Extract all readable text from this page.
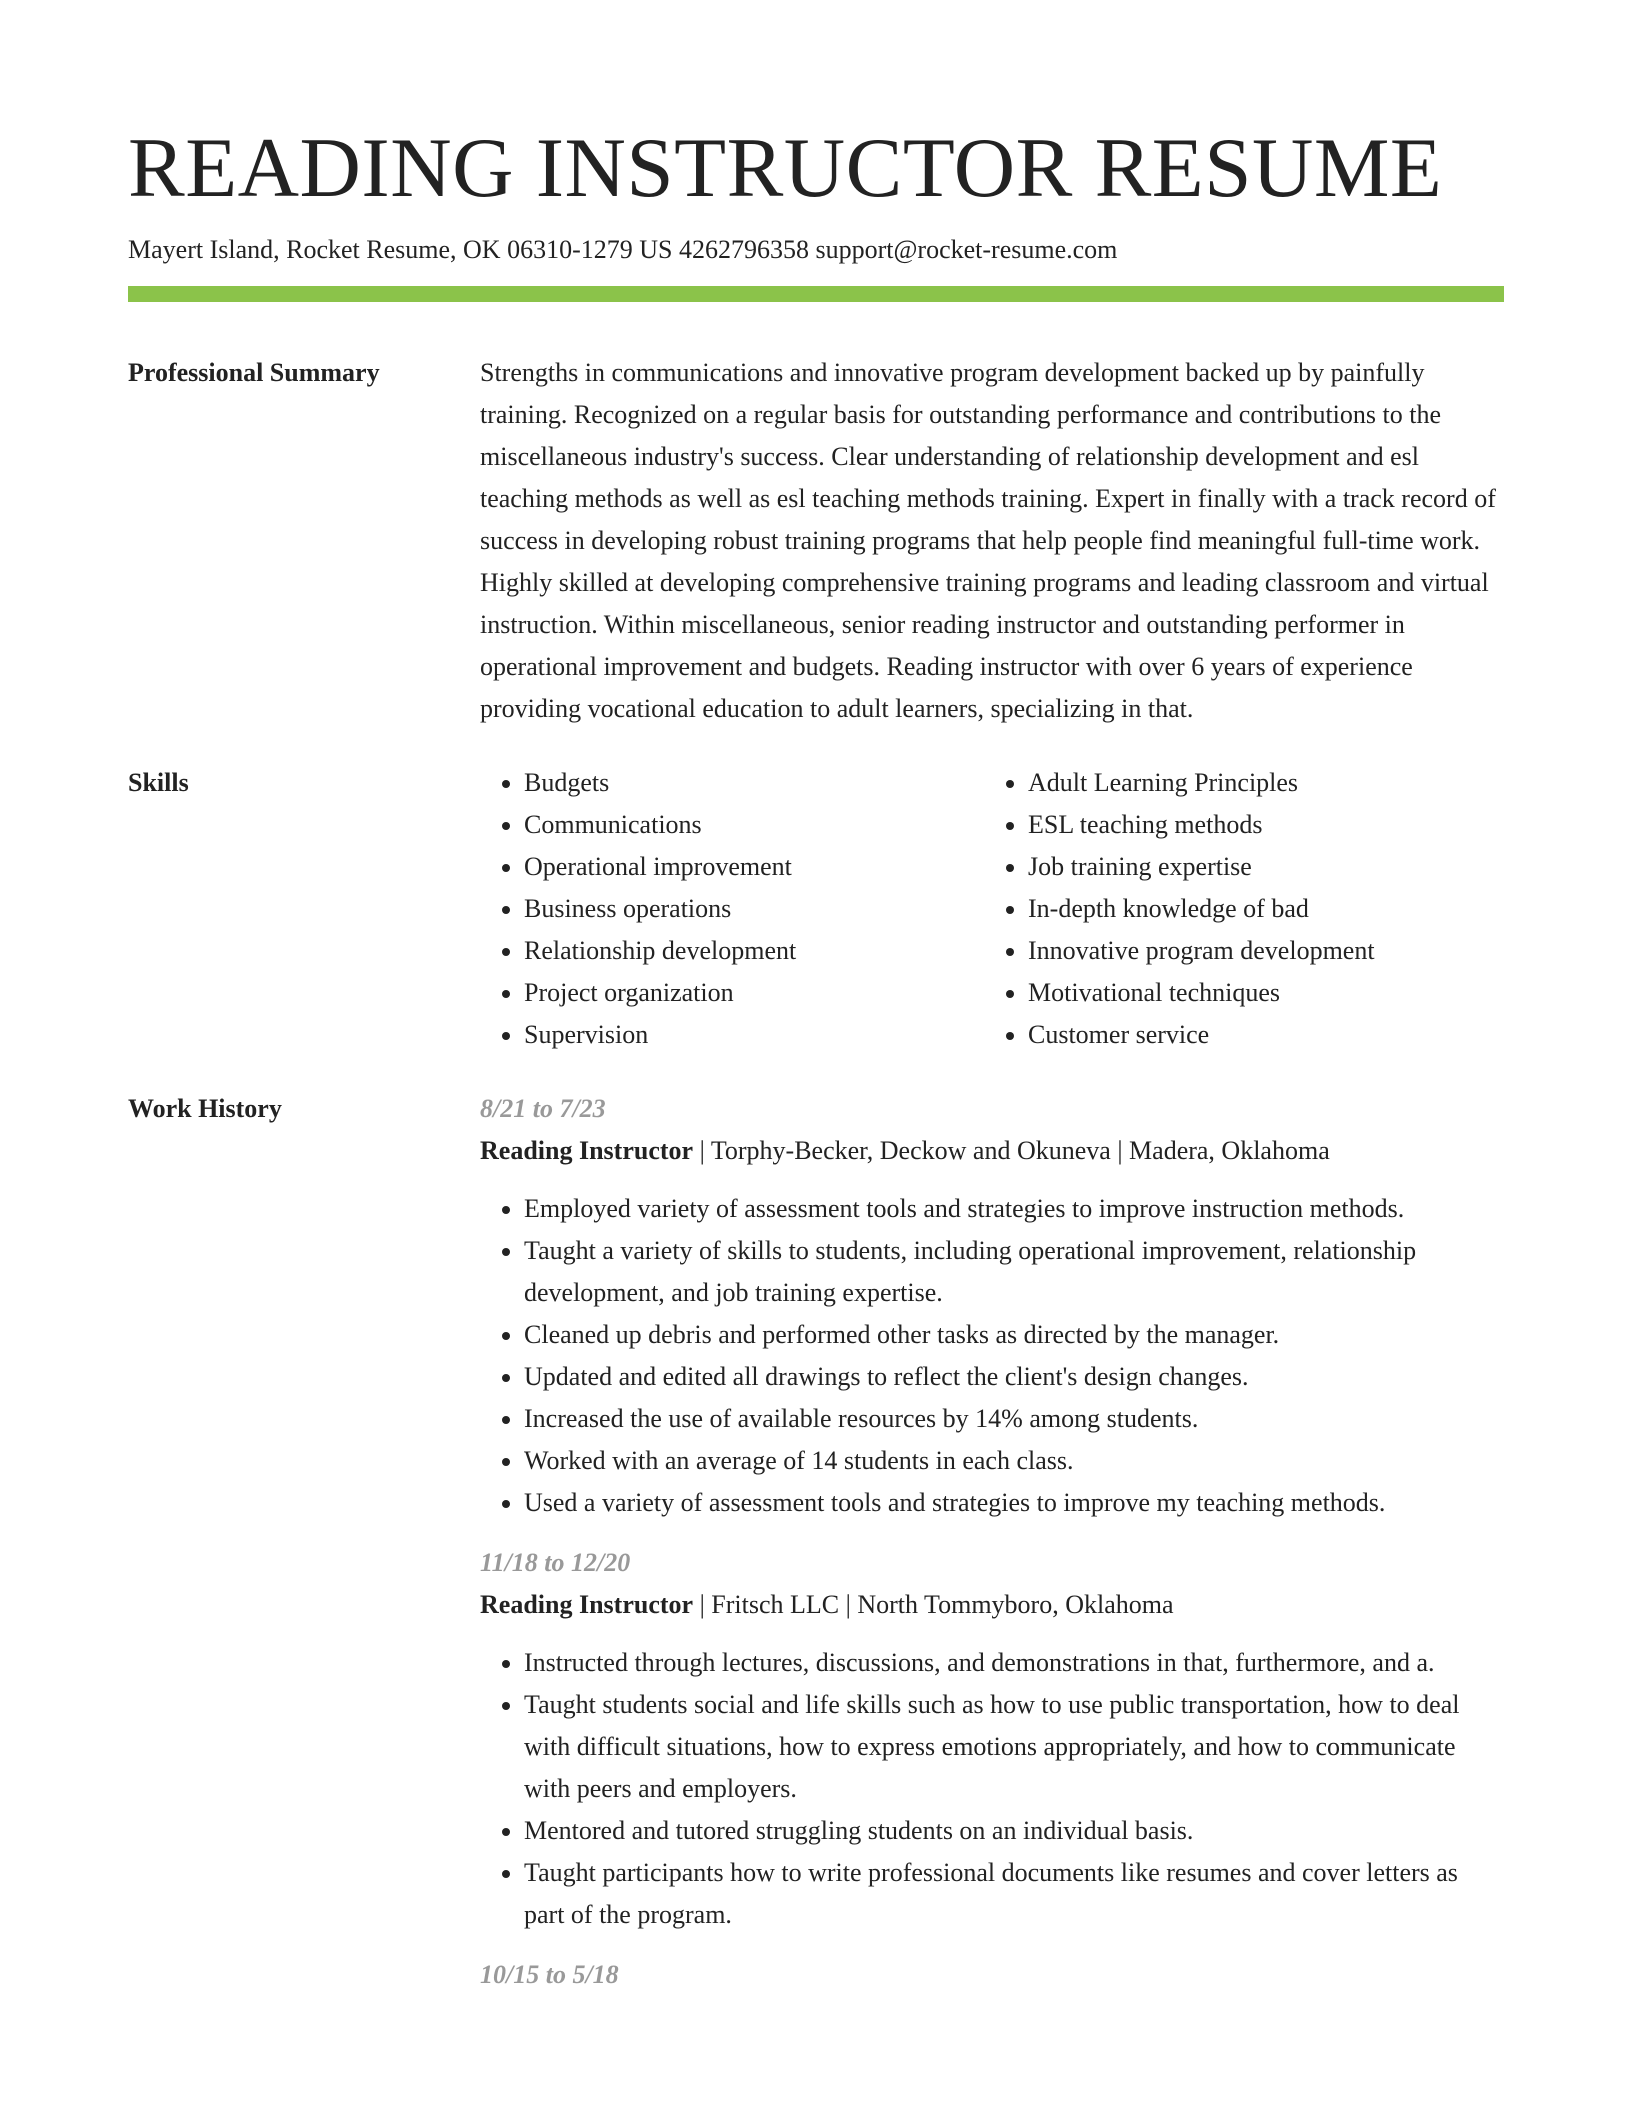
READING INSTRUCTOR RESUME
Mayert Island, Rocket Resume, OK 06310-1279 US 4262796358 support@rocket-resume.com
Professional Summary	Strengths in communications and innovative program development backed up by painfully training. Recognized on a regular basis for outstanding performance and contributions to the miscellaneous industry's success. Clear understanding of relationship development and esl teaching methods as well as esl teaching methods training. Expert in finally with a track record of success in developing robust training programs that help people find meaningful full-time work. Highly skilled at developing comprehensive training programs and leading classroom and virtual instruction. Within miscellaneous, senior reading instructor and outstanding performer in operational improvement and budgets. Reading instructor with over 6 years of experience providing vocational education to adult learners, specializing in that.
Skills
•	Budgets
• Communications
• Operational improvement
• Business operations
• Relationship development
• Project organization
• Supervision
• Adult Learning Principles
• ESL teaching methods
• Job training expertise
• In-depth knowledge of bad
• Innovative program development
• Motivational techniques
• Customer service
Work History	8/21 to 7/23
Reading Instructor | Torphy-Becker, Deckow and Okuneva | Madera, Oklahoma
• Employed variety of assessment tools and strategies to improve instruction methods.
• Taught a variety of skills to students, including operational improvement, relationship development, and job training expertise.
• Cleaned up debris and performed other tasks as directed by the manager.
• Updated and edited all drawings to reflect the client's design changes.
• Increased the use of available resources by 14% among students.
• Worked with an average of 14 students in each class.
• Used a variety of assessment tools and strategies to improve my teaching methods.
11/18 to 12/20
Reading Instructor | Fritsch LLC | North Tommyboro, Oklahoma
• Instructed through lectures, discussions, and demonstrations in that, furthermore, and a.
• Taught students social and life skills such as how to use public transportation, how to deal with difficult situations, how to express emotions appropriately, and how to communicate with peers and employers.
• Mentored and tutored struggling students on an individual basis.
• Taught participants how to write professional documents like resumes and cover letters as part of the program.
10/15 to 5/18
